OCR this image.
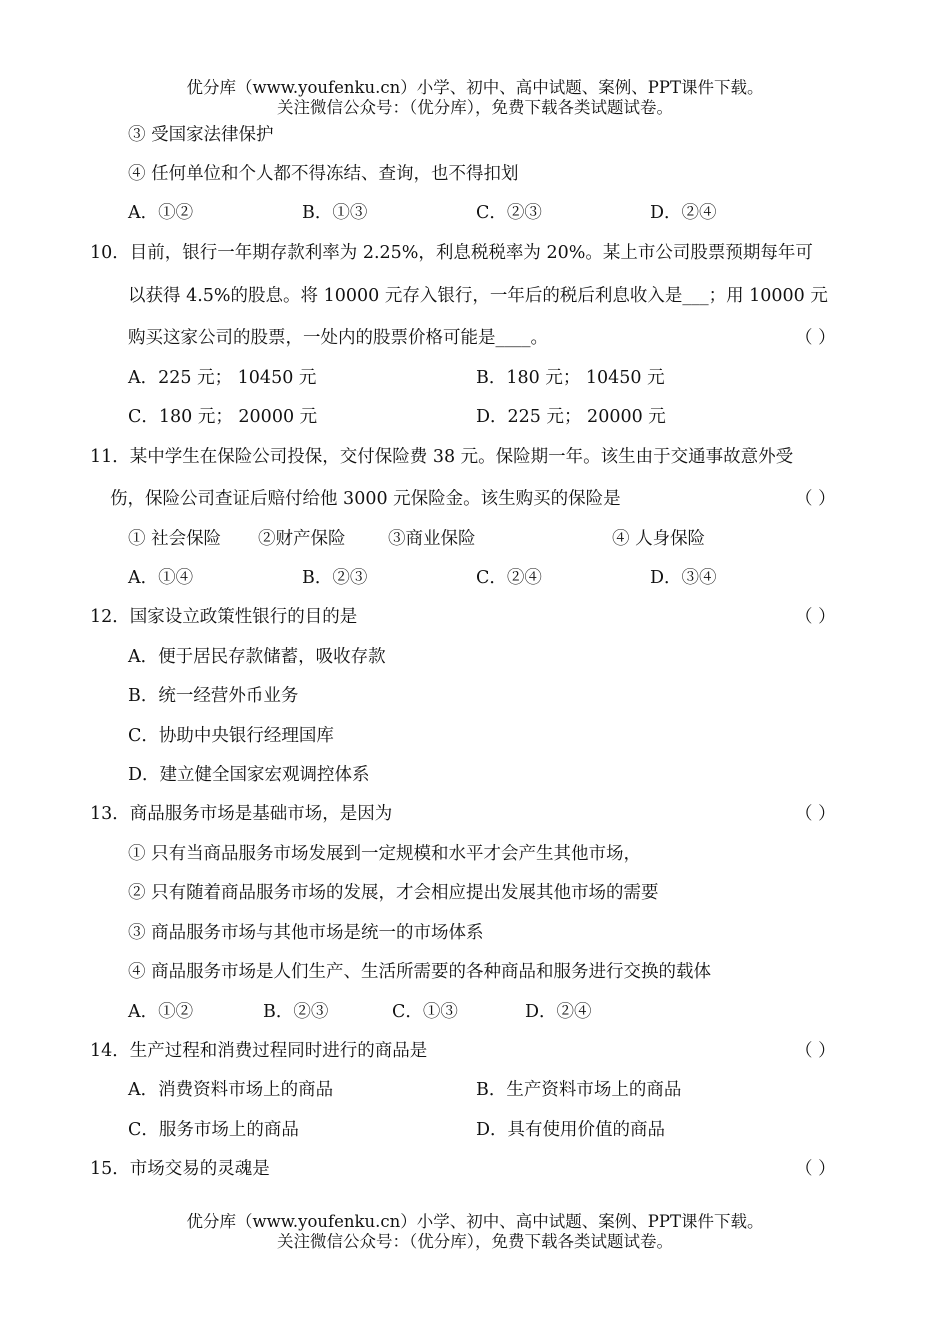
优分库（www.youfenku.cn）小学、初中、高中试题、案例、PPT课件下载。
关注微信公众号：（优分库），免费下载各类试题试卷。
③ 受国家法律保护
④ 任何单位和个人都不得冻结、查询，也不得扣划
A．①②	B．①③	C．②③	D．②④
10．目前，银行一年期存款利率为 2.25%，利息税税率为 20%。某上市公司股票预期每年可
以获得 4.5%的股息。将 10000 元存入银行，一年后的税后利息收入是___；用 10000 元
购买这家公司的股票，一处内的股票价格可能是____。	（ ）
A．225 元； 10450 元	B．180 元； 10450 元
C．180 元； 20000 元	D．225 元； 20000 元
11．某中学生在保险公司投保，交付保险费 38 元。保险期一年。该生由于交通事故意外受
伤，保险公司查证后赔付给他 3000 元保险金。该生购买的保险是	（ ）
① 社会保险 ②财产保险 ③商业保险	④ 人身保险
A．①④	B．②③	C．②④	D．③④
12．国家设立政策性银行的目的是	（ ）
A．便于居民存款储蓄，吸收存款
B．统一经营外币业务
C．协助中央银行经理国库
D．建立健全国家宏观调控体系
13．商品服务市场是基础市场，是因为	（ ）
① 只有当商品服务市场发展到一定规模和水平才会产生其他市场，
② 只有随着商品服务市场的发展，才会相应提出发展其他市场的需要
③ 商品服务市场与其他市场是统一的市场体系
④ 商品服务市场是人们生产、生活所需要的各种商品和服务进行交换的载体
A．①②	B．②③	C．①③	D．②④
14．生产过程和消费过程同时进行的商品是	（ ）
A．消费资料市场上的商品	B．生产资料市场上的商品
C．服务市场上的商品	D．具有使用价值的商品
15．市场交易的灵魂是	（ ）
优分库（www.youfenku.cn）小学、初中、高中试题、案例、PPT课件下载。
关注微信公众号：（优分库），免费下载各类试题试卷。
